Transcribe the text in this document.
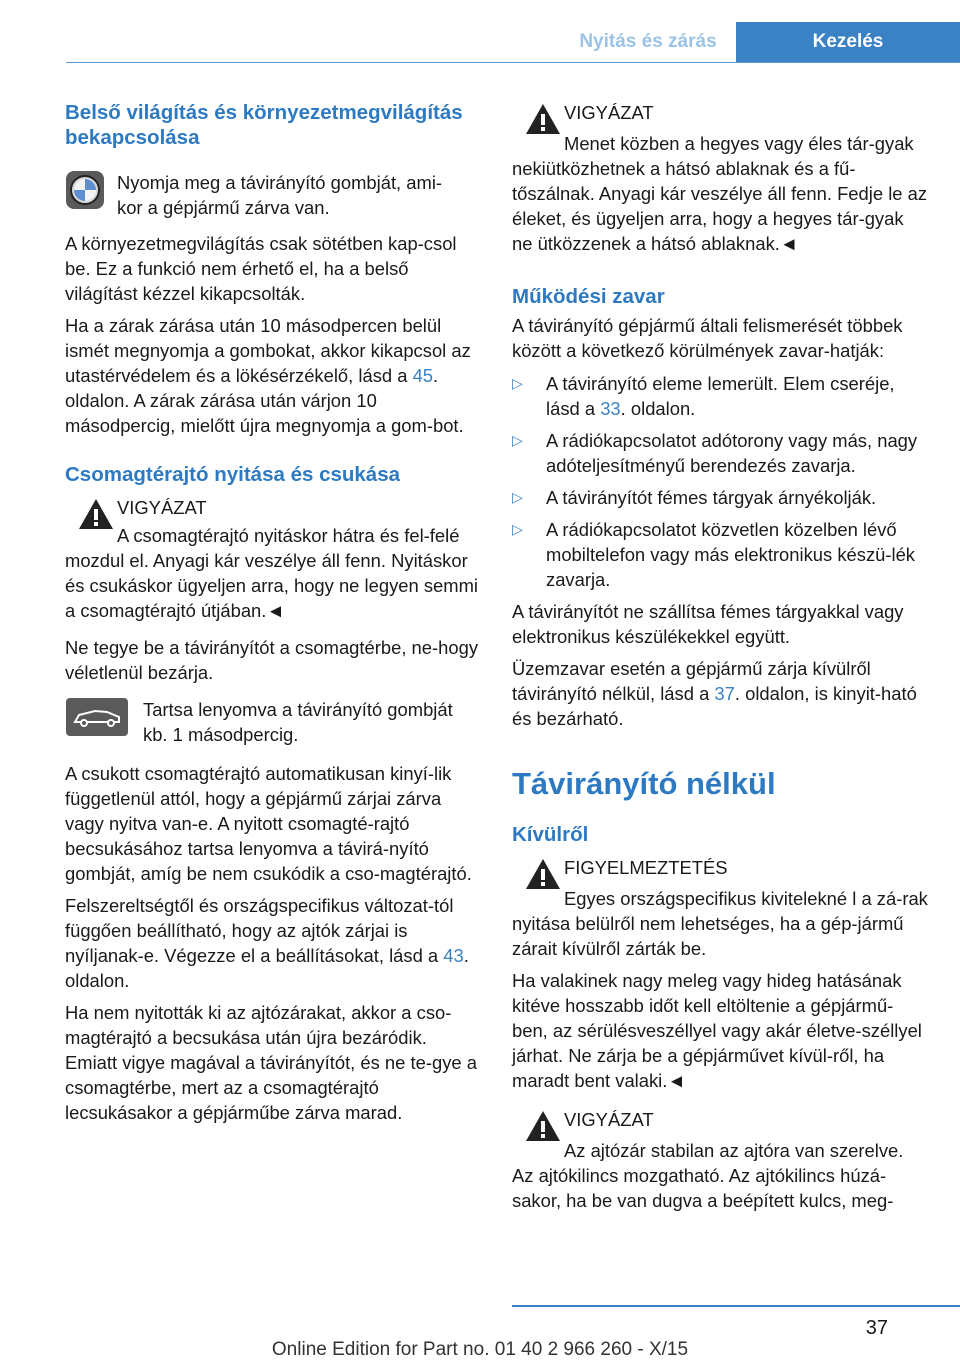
Nyitás és zárás	Kezelés
Belső világítás és környezetmegvilágítás bekapcsolása

Nyomja meg a távirányító gombját, ami‐kor a gépjármű zárva van.

A környezetmegvilágítás csak sötétben kap‐csol be. Ez a funkció nem érhető el, ha a belső világítást kézzel kikapcsolták.

Ha a zárak zárása után 10 másodpercen belül ismét megnyomja a gombokat, akkor kikapcsol az utastérvédelem és a lökésérzékelő, lásd a 45. oldalon. A zárak zárása után várjon 10 másodpercig, mielőtt újra megnyomja a gom‐bot.

Csomagtérajtó nyitása és csukása

VIGYÁZAT

A csomagtérajtó nyitáskor hátra és fel‐felé mozdul el. Anyagi kár veszélye áll fenn. Nyitáskor és csukáskor ügyeljen arra, hogy ne legyen semmi a csomagtérajtó útjában.◄

Ne tegye be a távirányítót a csomagtérbe, ne‐hogy véletlenül bezárja.

Tartsa lenyomva a távirányító gombját kb. 1 másodpercig.

A csukott csomagtérajtó automatikusan kinyí‐lik függetlenül attól, hogy a gépjármű zárjai zárva vagy nyitva van-e. A nyitott csomagté‐rajtó becsukásához tartsa lenyomva a távirá‐nyító gombját, amíg be nem csukódik a cso‐magtérajtó.

Felszereltségtől és országspecifikus változat‐tól függően beállítható, hogy az ajtók zárjai is nyíljanak-e. Végezze el a beállításokat, lásd a 43. oldalon.

Ha nem nyitották ki az ajtózárakat, akkor a cso‐magtérajtó a becsukása után újra bezáródik. Emiatt vigye magával a távirányítót, és ne te‐gye a csomagtérbe, mert az a csomagtérajtó lecsukásakor a gépjárműbe zárva marad.

VIGYÁZAT

Menet közben a hegyes vagy éles tár‐gyak nekiütközhetnek a hátsó ablaknak és a fű‐tőszálnak. Anyagi kár veszélye áll fenn. Fedje le az éleket, és ügyeljen arra, hogy a hegyes tár‐gyak ne ütközzenek a hátsó ablaknak.◄

Működési zavar

A távirányító gépjármű általi felismerését többek között a következő körülmények zavar‐hatják:

▷ A távirányító eleme lemerült. Elem cseréje, lásd a 33. oldalon.
▷ A rádiókapcsolatot adótorony vagy más, nagy adóteljesítményű berendezés zavarja.
▷ A távirányítót fémes tárgyak árnyékolják.
▷ A rádiókapcsolatot közvetlen közelben lévő mobiltelefon vagy más elektronikus készü‐lék zavarja.

A távirányítót ne szállítsa fémes tárgyakkal vagy elektronikus készülékekkel együtt.

Üzemzavar esetén a gépjármű zárja kívülről távirányító nélkül, lásd a 37. oldalon, is kinyit‐ható és bezárható.

Távirányító nélkül
Kívülről

FIGYELMEZTETÉS

Egyes országspecifikus kivitelekné l a zá‐rak nyitása belülről nem lehetséges, ha a gép‐jármű zárait kívülről zárták be.

Ha valakinek nagy meleg vagy hideg hatásának kitéve hosszabb időt kell eltöltenie a gépjármű‐ben, az sérülésveszéllyel vagy akár életve‐széllyel járhat. Ne zárja be a gépjárművet kívül‐ről, ha maradt bent valaki.◄

VIGYÁZAT

Az ajtózár stabilan az ajtóra van szerelve. Az ajtókilincs mozgatható. Az ajtókilincs húzá‐sakor, ha be van dugva a beépített kulcs, meg‐

37
Online Edition for Part no. 01 40 2 966 260 - X/15
